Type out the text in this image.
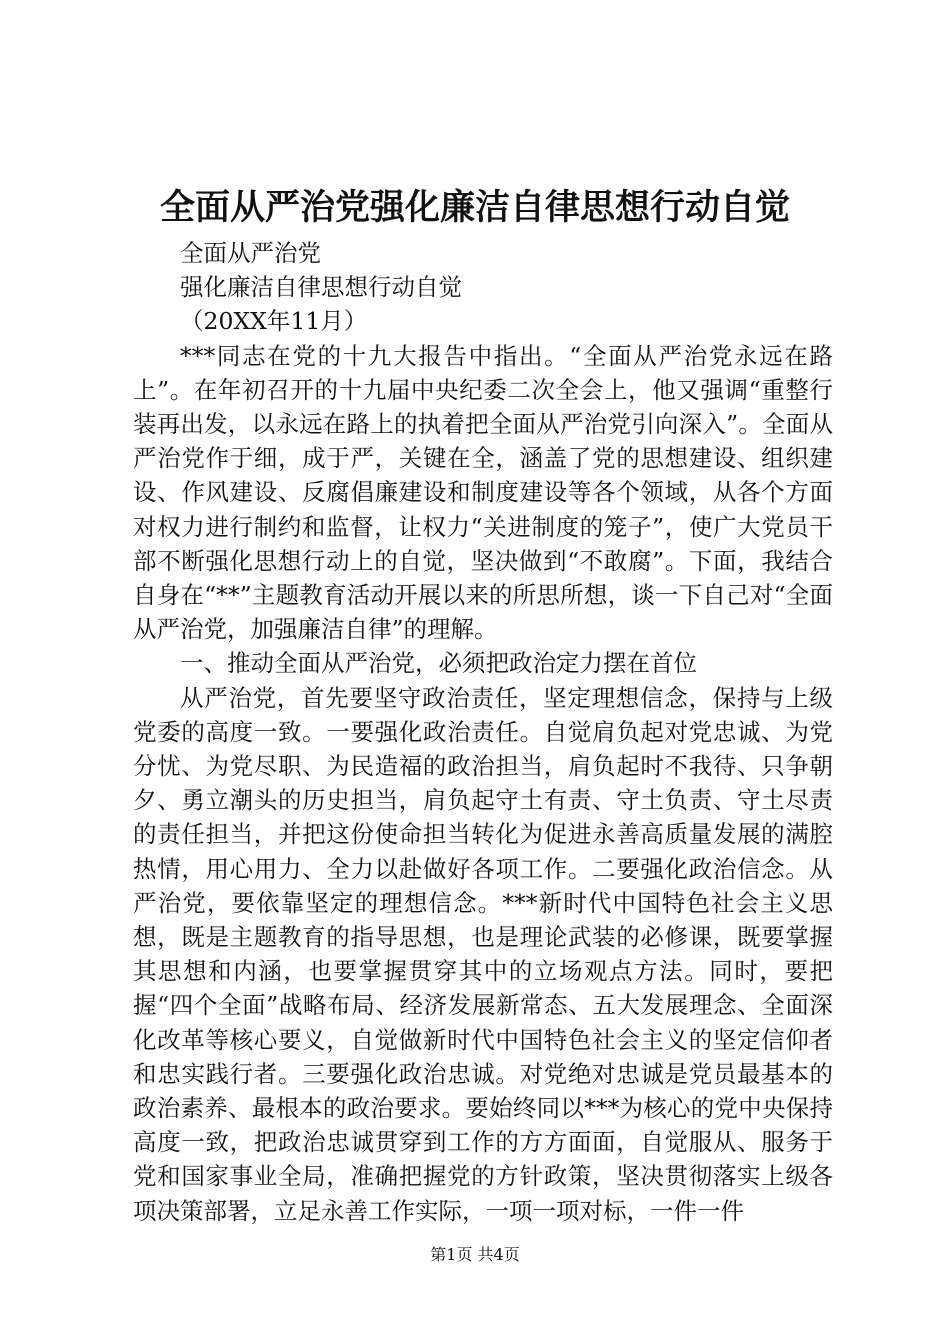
全面从严治党强化廉洁自律思想行动自觉

全面从严治党

强化廉洁自律思想行动自觉

（20XX年11月）

***同志在党的十九大报告中指出。“全面从严治党永远在路上”。在年初召开的十九届中央纪委二次全会上，他又强调“重整行装再出发，以永远在路上的执着把全面从严治党引向深入”。全面从严治党作于细，成于严，关键在全，涵盖了党的思想建设、组织建设、作风建设、反腐倡廉建设和制度建设等各个领域，从各个方面对权力进行制约和监督，让权力“关进制度的笼子”，使广大党员干部不断强化思想行动上的自觉，坚决做到“不敢腐”。下面，我结合自身在“**”主题教育活动开展以来的所思所想，谈一下自己对“全面从严治党，加强廉洁自律”的理解。

一、推动全面从严治党，必须把政治定力摆在首位

从严治党，首先要坚守政治责任，坚定理想信念，保持与上级党委的高度一致。一要强化政治责任。自觉肩负起对党忠诚、为党分忧、为党尽职、为民造福的政治担当，肩负起时不我待、只争朝夕、勇立潮头的历史担当，肩负起守土有责、守土负责、守土尽责的责任担当，并把这份使命担当转化为促进永善高质量发展的满腔热情，用心用力、全力以赴做好各项工作。二要强化政治信念。从严治党，要依靠坚定的理想信念。***新时代中国特色社会主义思想，既是主题教育的指导思想，也是理论武装的必修课，既要掌握其思想和内涵，也要掌握贯穿其中的立场观点方法。同时，要把握“四个全面”战略布局、经济发展新常态、五大发展理念、全面深化改革等核心要义，自觉做新时代中国特色社会主义的坚定信仰者和忠实践行者。三要强化政治忠诚。对党绝对忠诚是党员最基本的政治素养、最根本的政治要求。要始终同以***为核心的党中央保持高度一致，把政治忠诚贯穿到工作的方方面面，自觉服从、服务于党和国家事业全局，准确把握党的方针政策，坚决贯彻落实上级各项决策部署，立足永善工作实际，一项一项对标，一件一件

第1页 共4页
